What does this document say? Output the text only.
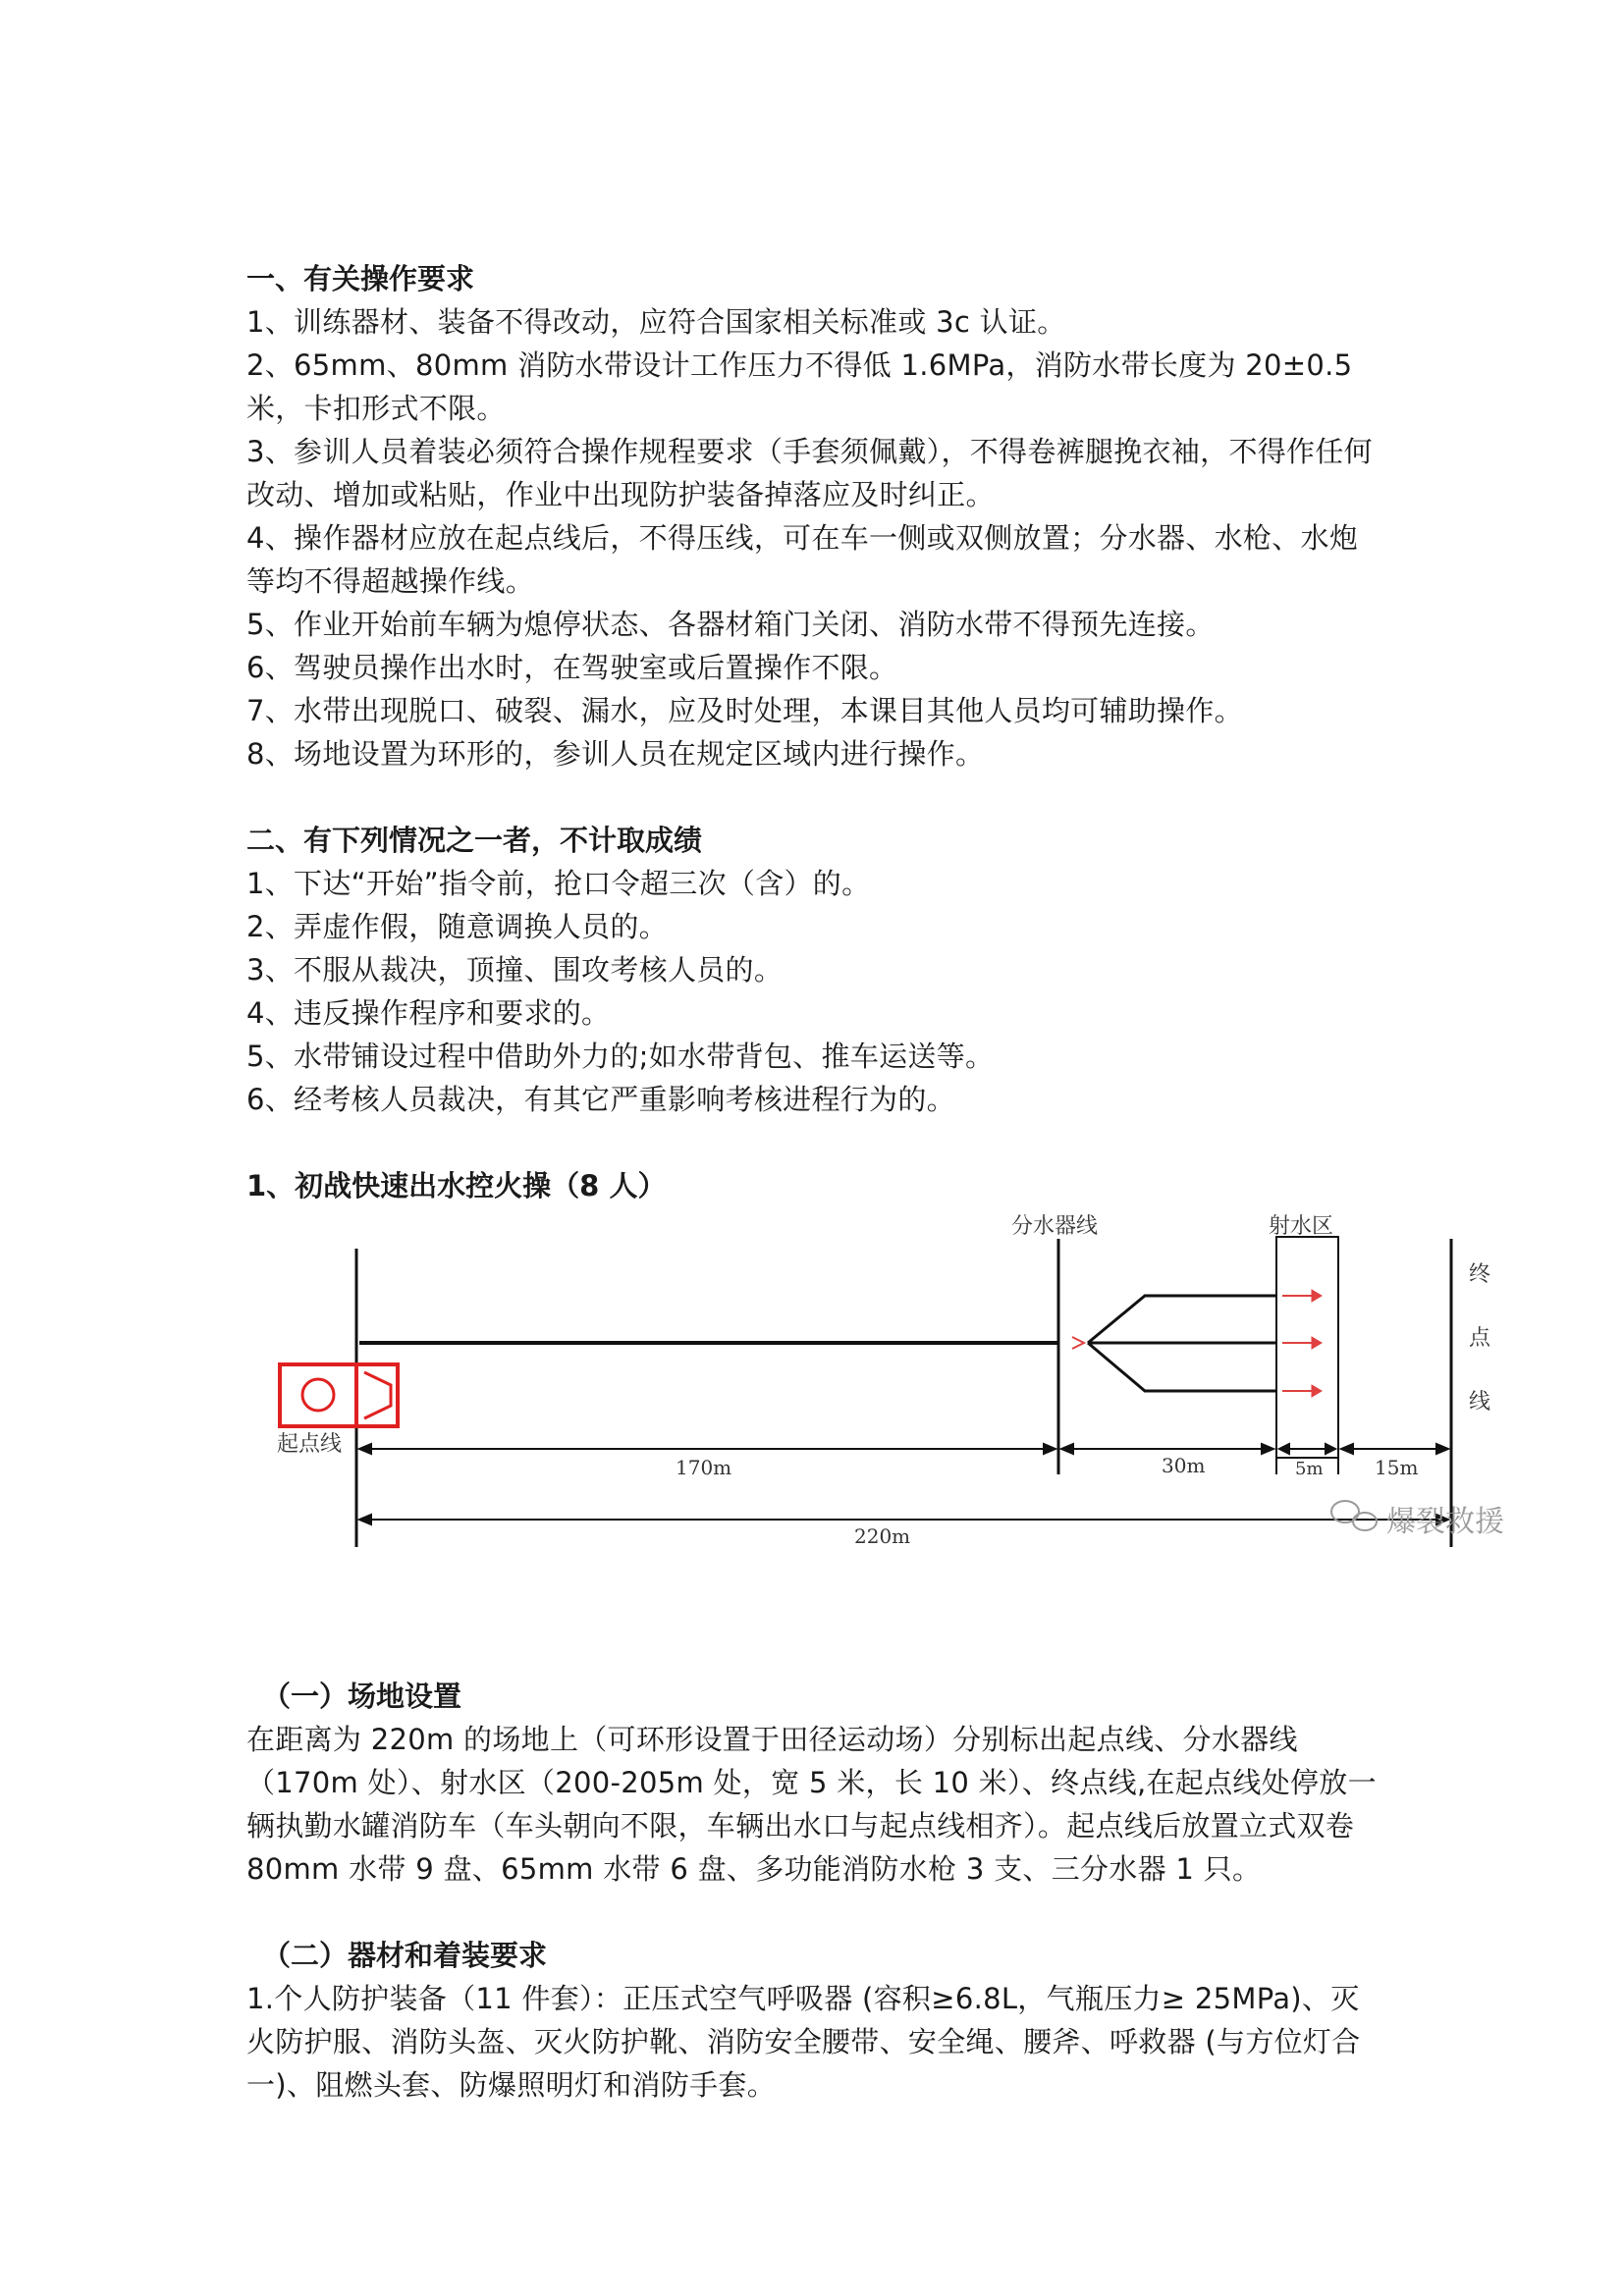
一、有关操作要求

1、训练器材、装备不得改动，应符合国家相关标准或 3c 认证。

2、65mm、80mm 消防水带设计工作压力不得低 1.6MPa，消防水带长度为 20±0.5 米，卡扣形式不限。

3、参训人员着装必须符合操作规程要求（手套须佩戴），不得卷裤腿挽衣袖，不得作任何改动、增加或粘贴，作业中出现防护装备掉落应及时纠正。

4、操作器材应放在起点线后，不得压线，可在车一侧或双侧放置；分水器、水枪、水炮等均不得超越操作线。

5、作业开始前车辆为熄停状态、各器材箱门关闭、消防水带不得预先连接。

6、驾驶员操作出水时，在驾驶室或后置操作不限。

7、水带出现脱口、破裂、漏水，应及时处理，本课目其他人员均可辅助操作。

8、场地设置为环形的，参训人员在规定区域内进行操作。

二、有下列情况之一者，不计取成绩

1、下达“开始”指令前，抢口令超三次（含）的。

2、弄虚作假，随意调换人员的。

3、不服从裁决，顶撞、围攻考核人员的。

4、违反操作程序和要求的。

5、水带铺设过程中借助外力的;如水带背包、推车运送等。

6、经考核人员裁决，有其它严重影响考核进程行为的。

1、初战快速出水控火操（8 人）

分水器线	射水区
终
点
线
起点线
170m	30m	5m	15m
220m	爆裂救援

（一）场地设置

在距离为 220m 的场地上（可环形设置于田径运动场）分别标出起点线、分水器线（170m 处）、射水区（200-205m 处，宽 5 米，长 10 米）、终点线,在起点线处停放一辆执勤水罐消防车（车头朝向不限，车辆出水口与起点线相齐）。起点线后放置立式双卷 80mm 水带 9 盘、65mm 水带 6 盘、多功能消防水枪 3 支、三分水器 1 只。

（二）器材和着装要求

1.个人防护装备（11 件套）：正压式空气呼吸器 (容积≥6.8L，气瓶压力≥ 25MPa)、灭火防护服、消防头盔、灭火防护靴、消防安全腰带、安全绳、腰斧、呼救器 (与方位灯合一)、阻燃头套、防爆照明灯和消防手套。
